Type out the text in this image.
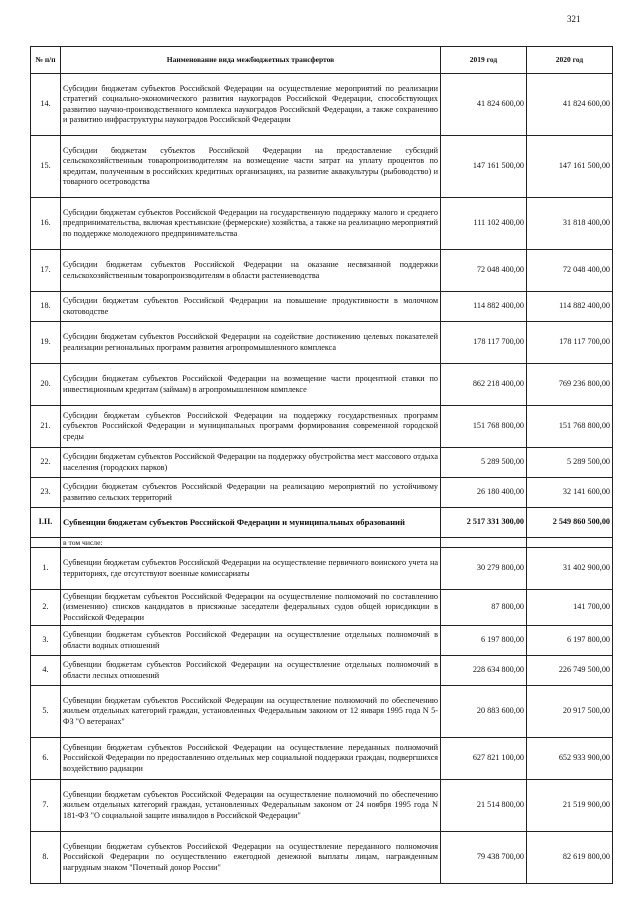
321
№ п/п	Наименование вида межбюджетных трансфертов	2019 год	2020 год
14.	Субсидии бюджетам субъектов Российской Федерации на осуществление мероприятий по реализации стратегий социально-экономического развития наукоградов Российской Федерации, способствующих развитию научно-производственного комплекса наукоградов Российской Федерации, а также сохранению и развитию инфраструктуры наукоградов Российской Федерации	41 824 600,00	41 824 600,00
15.	Субсидии бюджетам субъектов Российской Федерации на предоставление субсидий сельскохозяйственным товаропроизводителям на возмещение части затрат на уплату процентов по кредитам, полученным в российских кредитных организациях, на развитие аквакультуры (рыбоводство) и товарного осетроводства	147 161 500,00	147 161 500,00
16.	Субсидии бюджетам субъектов Российской Федерации на государственную поддержку малого и среднего предпринимательства, включая крестьянские (фермерские) хозяйства, а также на реализацию мероприятий по поддержке молодежного предпринимательства	111 102 400,00	31 818 400,00
17.	Субсидии бюджетам субъектов Российской Федерации на оказание несвязанной поддержки сельскохозяйственным товаропроизводителям в области растениеводства	72 048 400,00	72 048 400,00
18.	Субсидии бюджетам субъектов Российской Федерации на повышение продуктивности в молочном скотоводстве	114 882 400,00	114 882 400,00
19.	Субсидии бюджетам субъектов Российской Федерации на содействие достижению целевых показателей реализации региональных программ развития агропромышленного комплекса	178 117 700,00	178 117 700,00
20.	Субсидии бюджетам субъектов Российской Федерации на возмещение части процентной ставки по инвестиционным кредитам (займам) в агропромышленном комплексе	862 218 400,00	769 236 800,00
21.	Субсидии бюджетам субъектов Российской Федерации на поддержку государственных программ субъектов Российской Федерации и муниципальных программ формирования современной городской среды	151 768 800,00	151 768 800,00
22.	Субсидии бюджетам субъектов Российской Федерации на поддержку обустройства мест массового отдыха населения (городских парков)	5 289 500,00	5 289 500,00
23.	Субсидии бюджетам субъектов Российской Федерации на реализацию мероприятий по устойчивому развитию сельских территорий	26 180 400,00	32 141 600,00
I.II.	Субвенции бюджетам субъектов Российской Федерации и муниципальных образований	2 517 331 300,00	2 549 860 500,00
	в том числе:		
1.	Субвенции бюджетам субъектов Российской Федерации на осуществление первичного воинского учета на территориях, где отсутствуют военные комиссариаты	30 279 800,00	31 402 900,00
2.	Субвенции бюджетам субъектов Российской Федерации на осуществление полномочий по составлению (изменению) списков кандидатов в присяжные заседатели федеральных судов общей юрисдикции в Российской Федерации	87 800,00	141 700,00
3.	Субвенции бюджетам субъектов Российской Федерации на осуществление отдельных полномочий в области водных отношений	6 197 800,00	6 197 800,00
4.	Субвенции бюджетам субъектов Российской Федерации на осуществление отдельных полномочий в области лесных отношений	228 634 800,00	226 749 500,00
5.	Субвенции бюджетам субъектов Российской Федерации на осуществление полномочий по обеспечению жильем отдельных категорий граждан, установленных Федеральным законом от 12 января 1995 года N 5-ФЗ "О ветеранах"	20 883 600,00	20 917 500,00
6.	Субвенции бюджетам субъектов Российской Федерации на осуществление переданных полномочий Российской Федерации по предоставлению отдельных мер социальной поддержки граждан, подвергшихся воздействию радиации	627 821 100,00	652 933 900,00
7.	Субвенции бюджетам субъектов Российской Федерации на осуществление полномочий по обеспечению жильем отдельных категорий граждан, установленных Федеральным законом от 24 ноября 1995 года N 181-ФЗ "О социальной защите инвалидов в Российской Федерации"	21 514 800,00	21 519 900,00
8.	Субвенции бюджетам субъектов Российской Федерации на осуществление переданного полномочия Российской Федерации по осуществлению ежегодной денежной выплаты лицам, награжденным нагрудным знаком "Почетный донор России"	79 438 700,00	82 619 800,00
